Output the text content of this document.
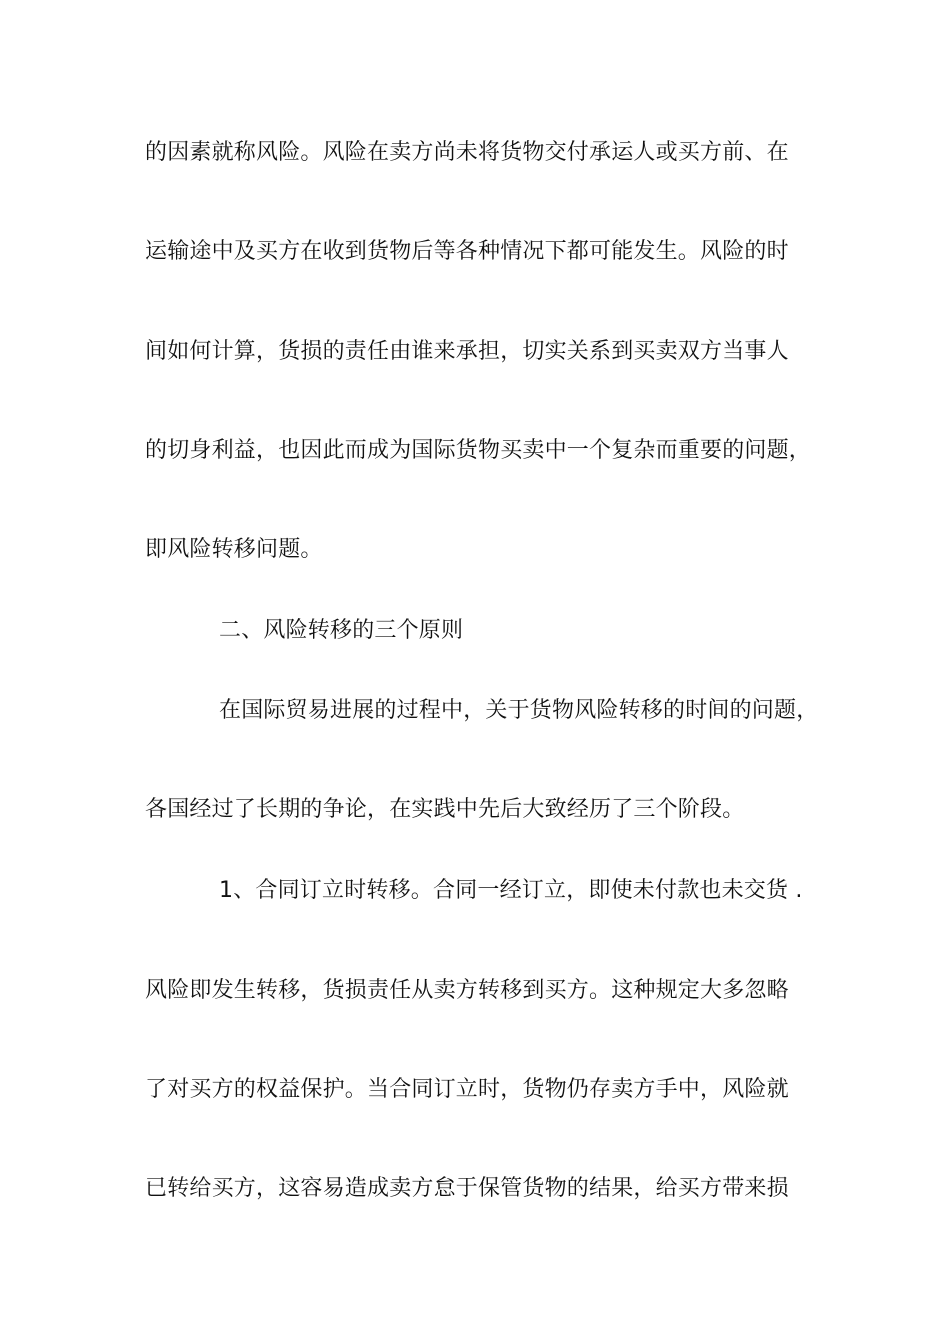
的因素就称风险。风险在卖方尚未将货物交付承运人或买方前、在
运输途中及买方在收到货物后等各种情况下都可能发生。风险的时
间如何计算，货损的责任由谁来承担，切实关系到买卖双方当事人
的切身利益，也因此而成为国际货物买卖中一个复杂而重要的问题，
即风险转移问题。
二、风险转移的三个原则
在国际贸易进展的过程中，关于货物风险转移的时间的问题，
各国经过了长期的争论，在实践中先后大致经历了三个阶段。
1、合同订立时转移。合同一经订立，即使未付款也未交货 .
风险即发生转移，货损责任从卖方转移到买方。这种规定大多忽略
了对买方的权益保护。当合同订立时，货物仍存卖方手中，风险就
已转给买方，这容易造成卖方怠于保管货物的结果，给买方带来损
